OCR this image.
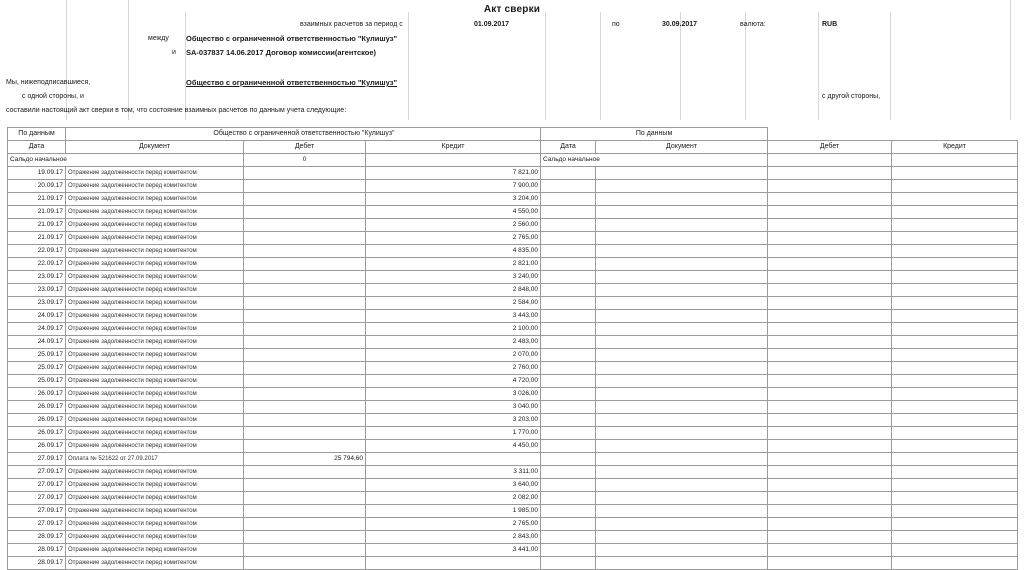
Акт сверки
взаимных расчетов за период с	01.09.2017	по	30.09.2017	валюта:	RUB
между Общество с ограниченной ответственностью "Кулишуз"
и SA-037837 14.06.2017 Договор комиссии(агентское)
Мы, нижеподписавшиеся,	Общество с ограниченной ответственностью "Кулишуз"
с одной стороны, и	с другой стороны,
составили настоящий акт сверки в том, что состояние взаимных расчетов по данным учета следующие:
По данным	Общество с ограниченной ответственностью "Кулишуз"			По данным			
Дата	Документ	Дебет	Кредит	Дата	Документ	Дебет	Кредит
Сальдо начальное		0		Сальдо начальное			
19.09.17	Отражение задолженности перед комитентом		7 821,00				
20.09.17	Отражение задолженности перед комитентом		7 900,00				
21.09.17	Отражение задолженности перед комитентом		3 204,00				
21.09.17	Отражение задолженности перед комитентом		4 550,00				
21.09.17	Отражение задолженности перед комитентом		2 560,00				
21.09.17	Отражение задолженности перед комитентом		2 765,00				
22.09.17	Отражение задолженности перед комитентом		4 835,00				
22.09.17	Отражение задолженности перед комитентом		2 821,00				
23.09.17	Отражение задолженности перед комитентом		3 240,00				
23.09.17	Отражение задолженности перед комитентом		2 848,00				
23.09.17	Отражение задолженности перед комитентом		2 584,00				
24.09.17	Отражение задолженности перед комитентом		3 443,00				
24.09.17	Отражение задолженности перед комитентом		2 100,00				
24.09.17	Отражение задолженности перед комитентом		2 483,00				
25.09.17	Отражение задолженности перед комитентом		2 070,00				
25.09.17	Отражение задолженности перед комитентом		2 760,00				
25.09.17	Отражение задолженности перед комитентом		4 720,00				
26.09.17	Отражение задолженности перед комитентом		3 026,00				
26.09.17	Отражение задолженности перед комитентом		3 040,00				
26.09.17	Отражение задолженности перед комитентом		3 203,00				
26.09.17	Отражение задолженности перед комитентом		1 770,00				
26.09.17	Отражение задолженности перед комитентом		4 450,00				
27.09.17	Оплата № 521622 от 27.09.2017	25 794,60					
27.09.17	Отражение задолженности перед комитентом		3 311,00				
27.09.17	Отражение задолженности перед комитентом		3 640,00				
27.09.17	Отражение задолженности перед комитентом		2 082,00				
27.09.17	Отражение задолженности перед комитентом		1 985,00				
27.09.17	Отражение задолженности перед комитентом		2 765,00				
28.09.17	Отражение задолженности перед комитентом		2 843,00				
28.09.17	Отражение задолженности перед комитентом		3 441,00				
28.09.17	Отражение задолженности перед комитентом						
